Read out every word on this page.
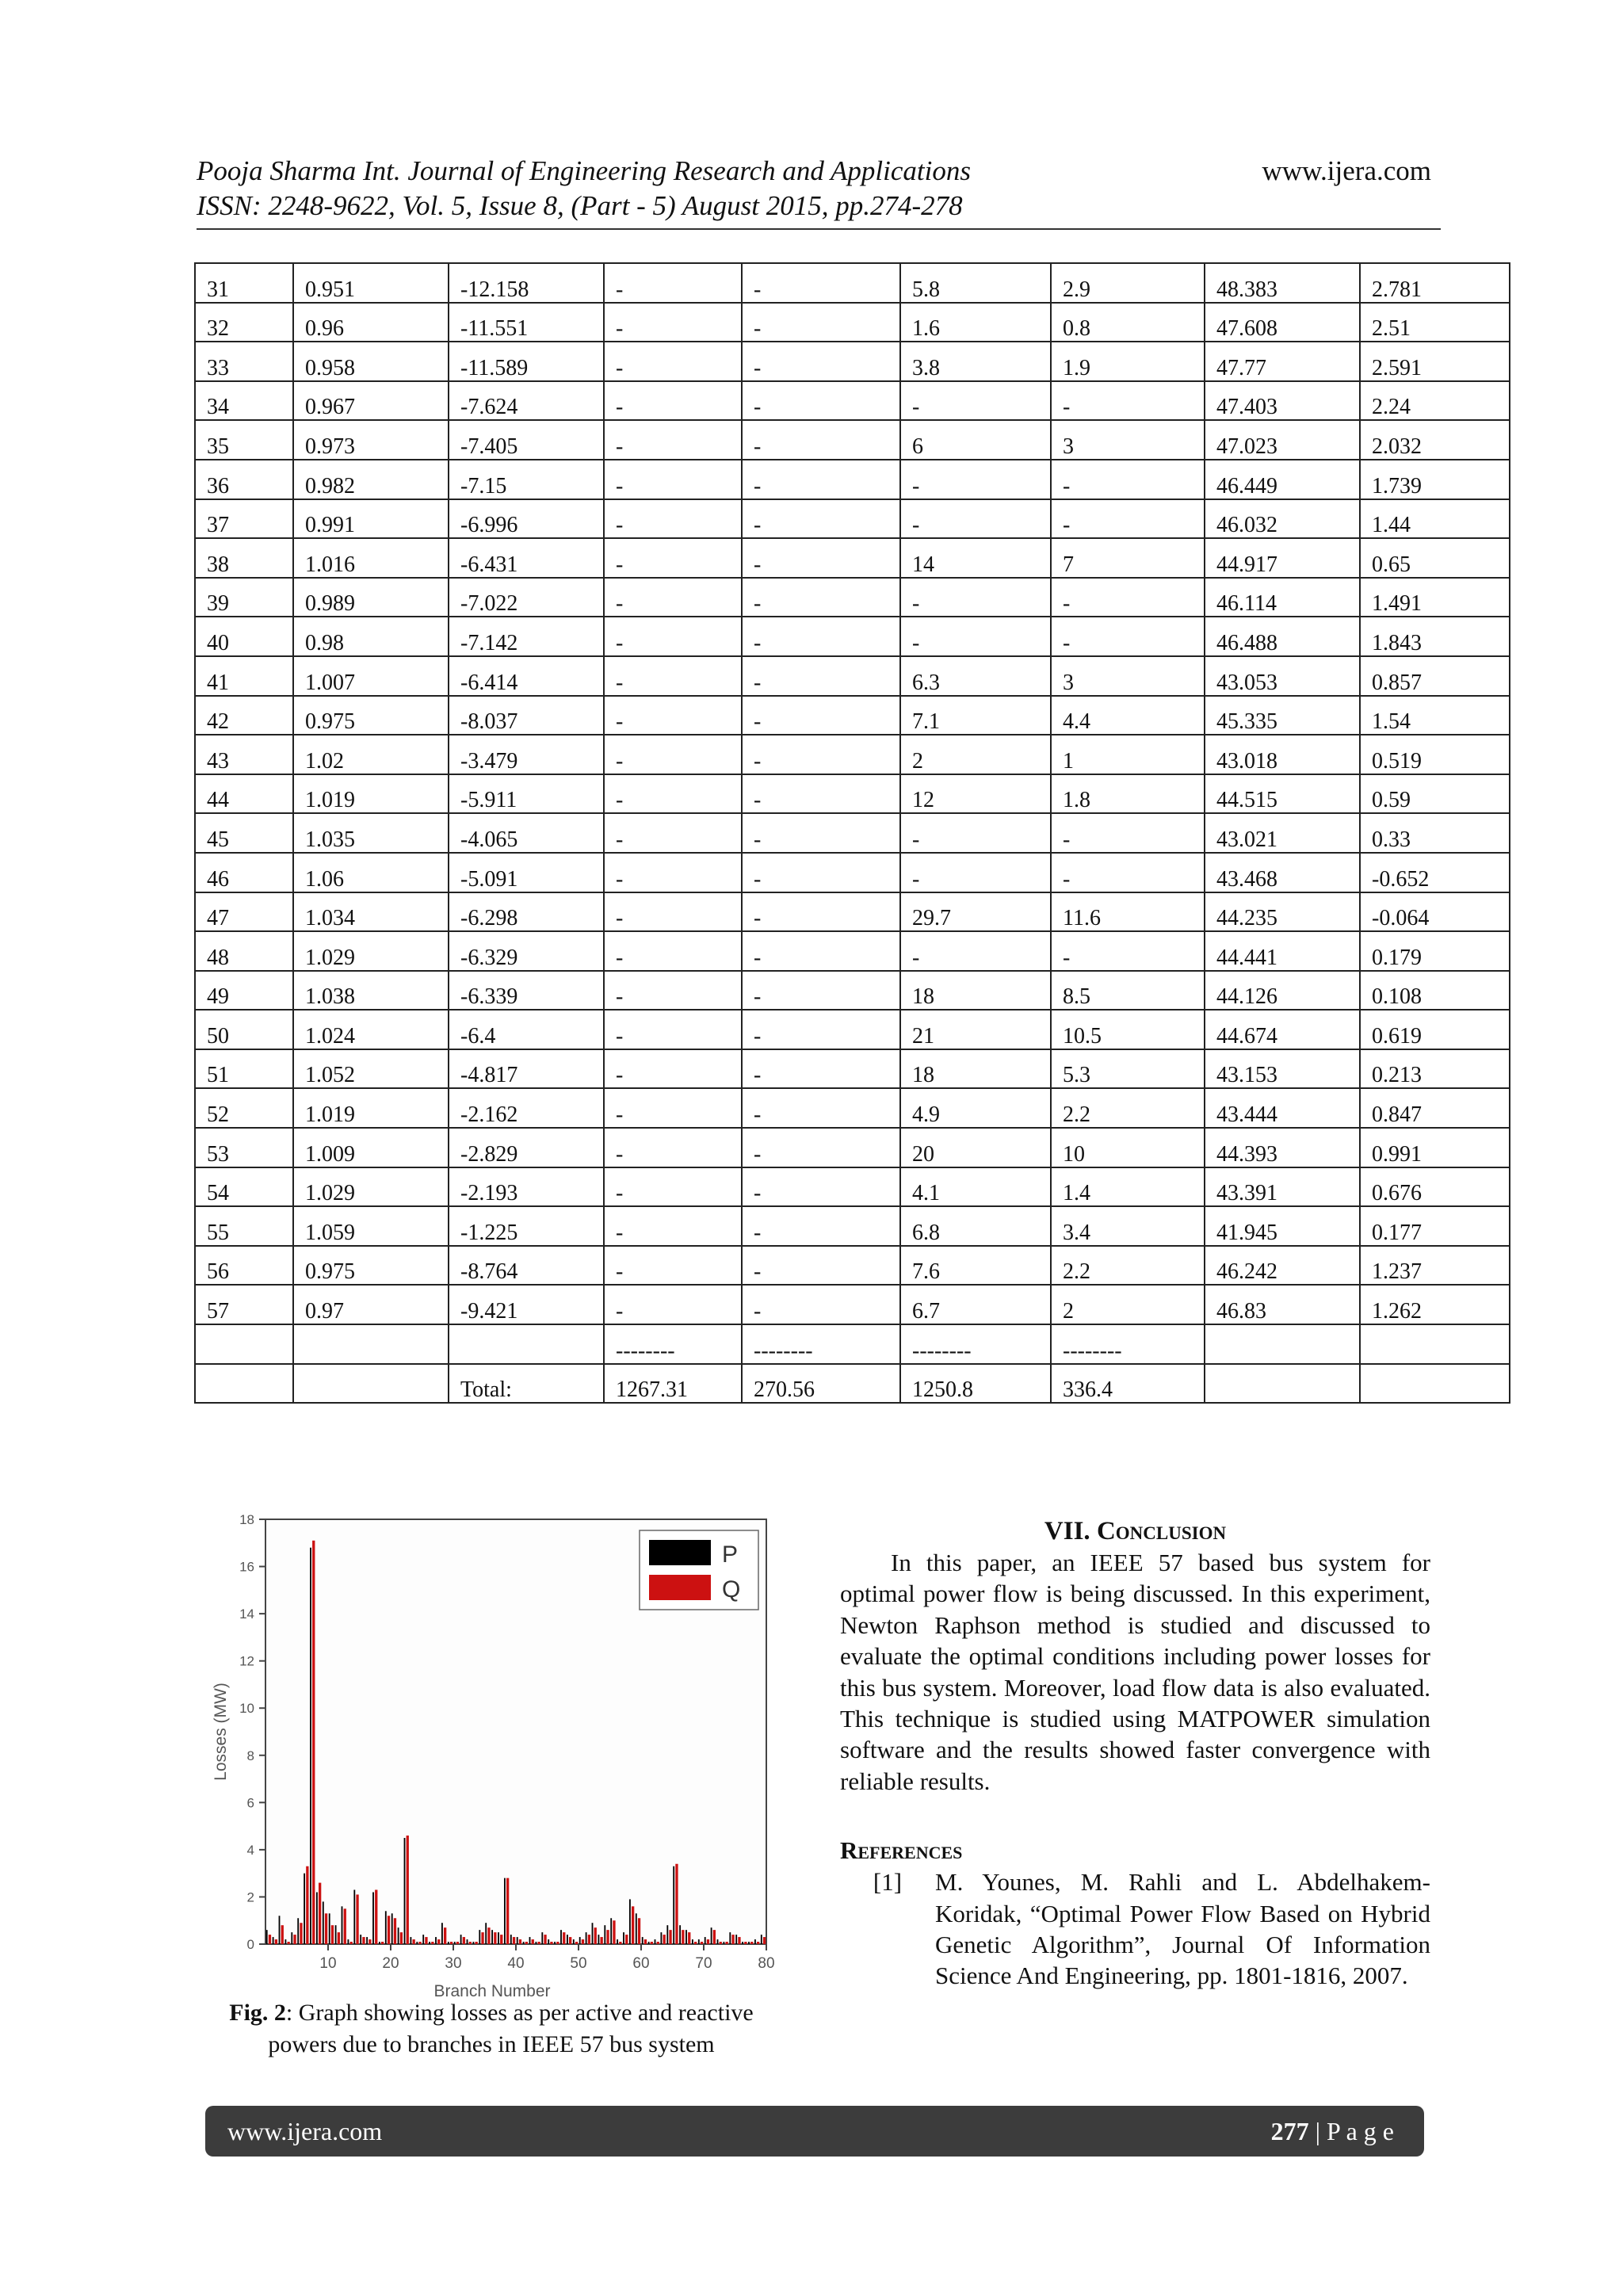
Pooja Sharma Int. Journal of Engineering Research and Applications
ISSN: 2248-9622, Vol. 5, Issue 8, (Part - 5) August 2015, pp.274-278
www.ijera.com
31	0.951	-12.158	-	-	5.8	2.9	48.383	2.781
32	0.96	-11.551	-	-	1.6	0.8	47.608	2.51
33	0.958	-11.589	-	-	3.8	1.9	47.77	2.591
34	0.967	-7.624	-	-	-	-	47.403	2.24
35	0.973	-7.405	-	-	6	3	47.023	2.032
36	0.982	-7.15	-	-	-	-	46.449	1.739
37	0.991	-6.996	-	-	-	-	46.032	1.44
38	1.016	-6.431	-	-	14	7	44.917	0.65
39	0.989	-7.022	-	-	-	-	46.114	1.491
40	0.98	-7.142	-	-	-	-	46.488	1.843
41	1.007	-6.414	-	-	6.3	3	43.053	0.857
42	0.975	-8.037	-	-	7.1	4.4	45.335	1.54
43	1.02	-3.479	-	-	2	1	43.018	0.519
44	1.019	-5.911	-	-	12	1.8	44.515	0.59
45	1.035	-4.065	-	-	-	-	43.021	0.33
46	1.06	-5.091	-	-	-	-	43.468	-0.652
47	1.034	-6.298	-	-	29.7	11.6	44.235	-0.064
48	1.029	-6.329	-	-	-	-	44.441	0.179
49	1.038	-6.339	-	-	18	8.5	44.126	0.108
50	1.024	-6.4	-	-	21	10.5	44.674	0.619
51	1.052	-4.817	-	-	18	5.3	43.153	0.213
52	1.019	-2.162	-	-	4.9	2.2	43.444	0.847
53	1.009	-2.829	-	-	20	10	44.393	0.991
54	1.029	-2.193	-	-	4.1	1.4	43.391	0.676
55	1.059	-1.225	-	-	6.8	3.4	41.945	0.177
56	0.975	-8.764	-	-	7.6	2.2	46.242	1.237
57	0.97	-9.421	-	-	6.7	2	46.83	1.262
			--------	--------	--------	--------		
		Total:	1267.31	270.56	1250.8	336.4		
0
2
4
6
8
10
12
14
16
18
10	20	30	40	50	60	70	80
Branch Number
Losses (MW)
P
Q
Fig. 2: Graph showing losses as per active and reactive powers due to branches in IEEE 57 bus system
VII. Conclusion

In this paper, an IEEE 57 based bus system for optimal power flow is being discussed. In this experiment, Newton Raphson method is studied and discussed to evaluate the optimal conditions including power losses for this bus system. Moreover, load flow data is also evaluated. This technique is studied using MATPOWER simulation software and the results showed faster convergence with reliable results.

References
[1]	M. Younes, M. Rahli and L. Abdelhakem-Koridak, “Optimal Power Flow Based on Hybrid Genetic Algorithm”, Journal Of Information Science And Engineering, pp. 1801-1816, 2007.
www.ijera.com	277 | P a g e
